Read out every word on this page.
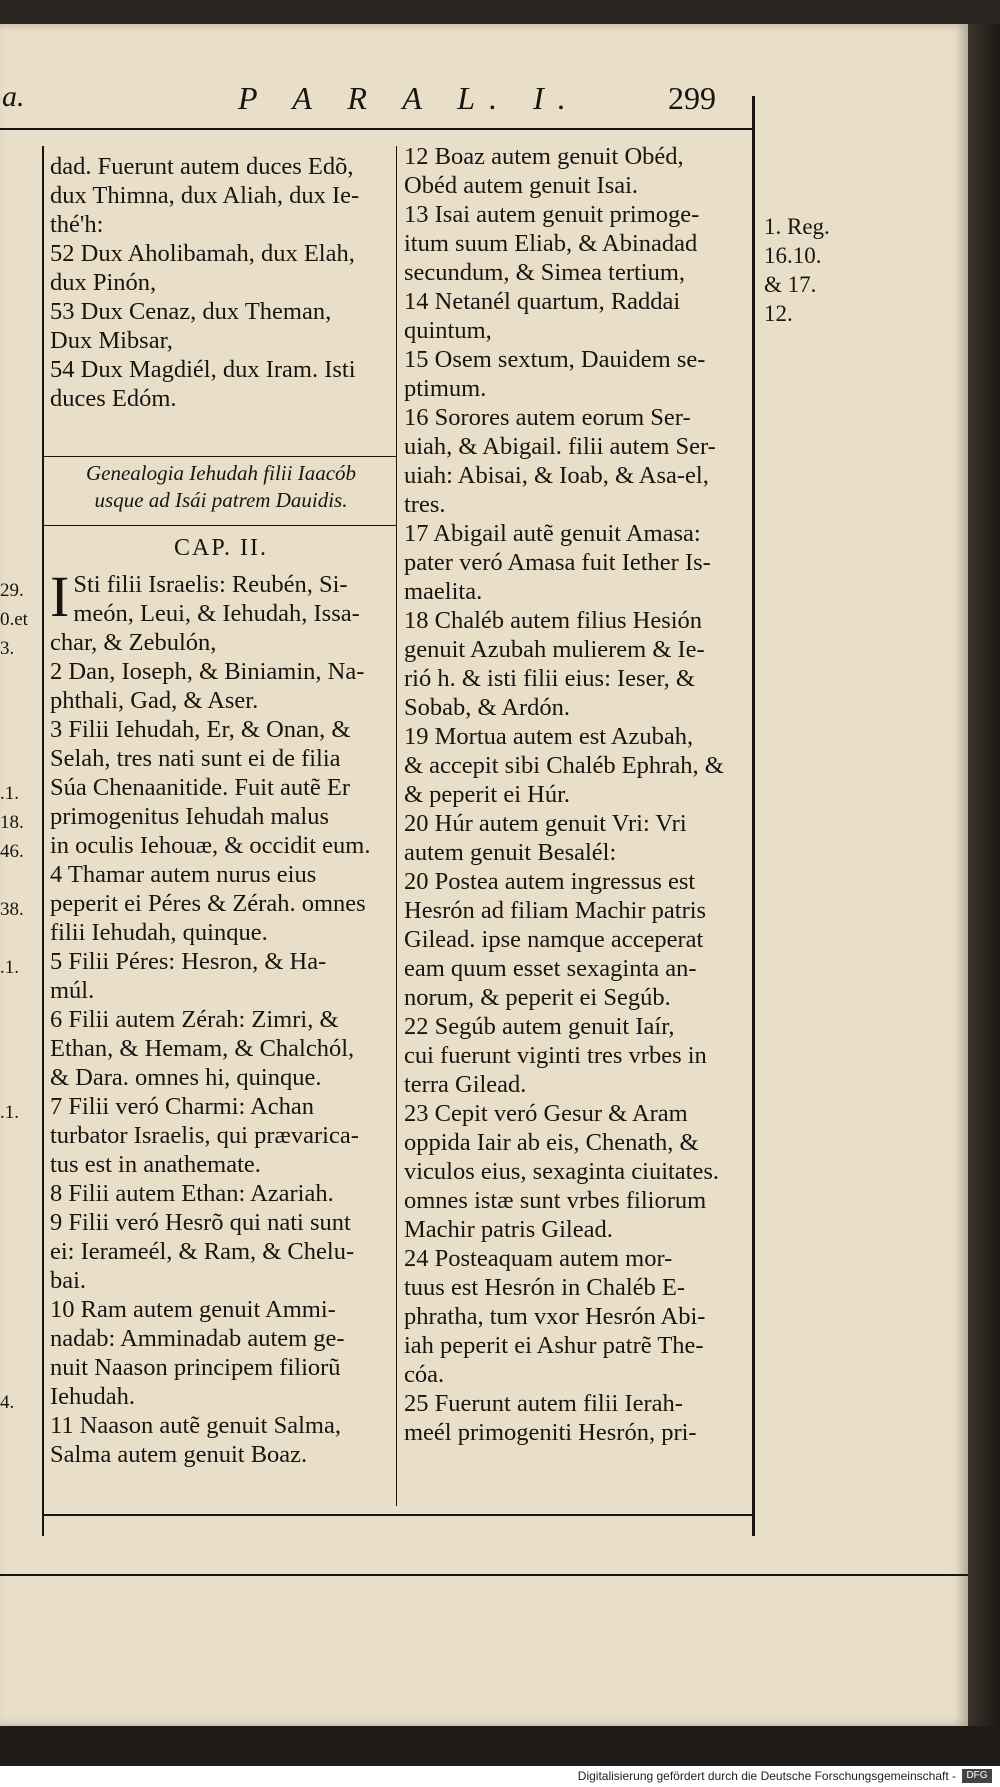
a.	P A R A L. I.	299

dad. Fuerunt autem duces Edõ,

dux Thimna, dux Aliah, dux Ie-

thé'h:

52 Dux Aholibamah, dux Elah,

dux Pinón,

53 Dux Cenaz, dux Theman,

Dux Mibsar,

54 Dux Magdiél, dux Iram. Isti

duces Edóm.

Genealogia Iehudah filii Iaacób

usque ad Isái patrem Dauidis.

CAP. II.

I Sti filii Israelis: Reubén, Si-

meón, Leui, & Iehudah, Issa-

char, & Zebulón,

2 Dan, Ioseph, & Biniamin, Na-

phthali, Gad, & Aser.

3 Filii Iehudah, Er, & Onan, &

Selah, tres nati sunt ei de filia

Súa Chenaanitide. Fuit autẽ Er

primogenitus Iehudah malus

in oculis Iehouæ, & occidit eum.

4 Thamar autem nurus eius

peperit ei Péres & Zérah. omnes

filii Iehudah, quinque.

5 Filii Péres: Hesron, & Ha-

múl.

6 Filii autem Zérah: Zimri, &

Ethan, & Hemam, & Chalchól,

& Dara. omnes hi, quinque.

7 Filii veró Charmi: Achan

turbator Israelis, qui prævarica-

tus est in anathemate.

8 Filii autem Ethan: Azariah.

9 Filii veró Hesrõ qui nati sunt

ei: Ierameél, & Ram, & Chelu-

bai.

10 Ram autem genuit Ammi-

nadab: Amminadab autem ge-

nuit Naason principem filiorũ

Iehudah.

11 Naason autẽ genuit Salma,

Salma autem genuit Boaz.

12 Boaz autem genuit Obéd,

Obéd autem genuit Isai.

13 Isai autem genuit primoge-

itum suum Eliab, & Abinadad

secundum, & Simea tertium,

14 Netanél quartum, Raddai

quintum,

15 Osem sextum, Dauidem se-

ptimum.

16 Sorores autem eorum Ser-

uiah, & Abigail. filii autem Ser-

uiah: Abisai, & Ioab, & Asa-el,

tres.

17 Abigail autẽ genuit Amasa:

pater veró Amasa fuit Iether Is-

maelita.

18 Chaléb autem filius Hesión

genuit Azubah mulierem & Ie-

rió h. & isti filii eius: Ieser, &

Sobab, & Ardón.

19 Mortua autem est Azubah,

& accepit sibi Chaléb Ephrah, &

& peperit ei Húr.

20 Húr autem genuit Vri: Vri

autem genuit Besalél:

20 Postea autem ingressus est

Hesrón ad filiam Machir patris

Gilead. ipse namque acceperat

eam quum esset sexaginta an-

norum, & peperit ei Segúb.

22 Segúb autem genuit Iaír,

cui fuerunt viginti tres vrbes in

terra Gilead.

23 Cepit veró Gesur & Aram

oppida Iair ab eis, Chenath, &

viculos eius, sexaginta ciuitates.

omnes istæ sunt vrbes filiorum

Machir patris Gilead.

24 Posteaquam autem mor-

tuus est Hesrón in Chaléb E-

phratha, tum vxor Hesrón Abi-

iah peperit ei Ashur patrẽ The-

cóa.

25 Fuerunt autem filii Ierah-

meél primogeniti Hesrón, pri-

1. Reg.
16.10.
& 17.
12.
29.
0.et
3.
.1.
18.
46.
38.
.1.
.1.
4.
Digitalisierung gefördert durch die Deutsche Forschungsgemeinschaft -	DFG
